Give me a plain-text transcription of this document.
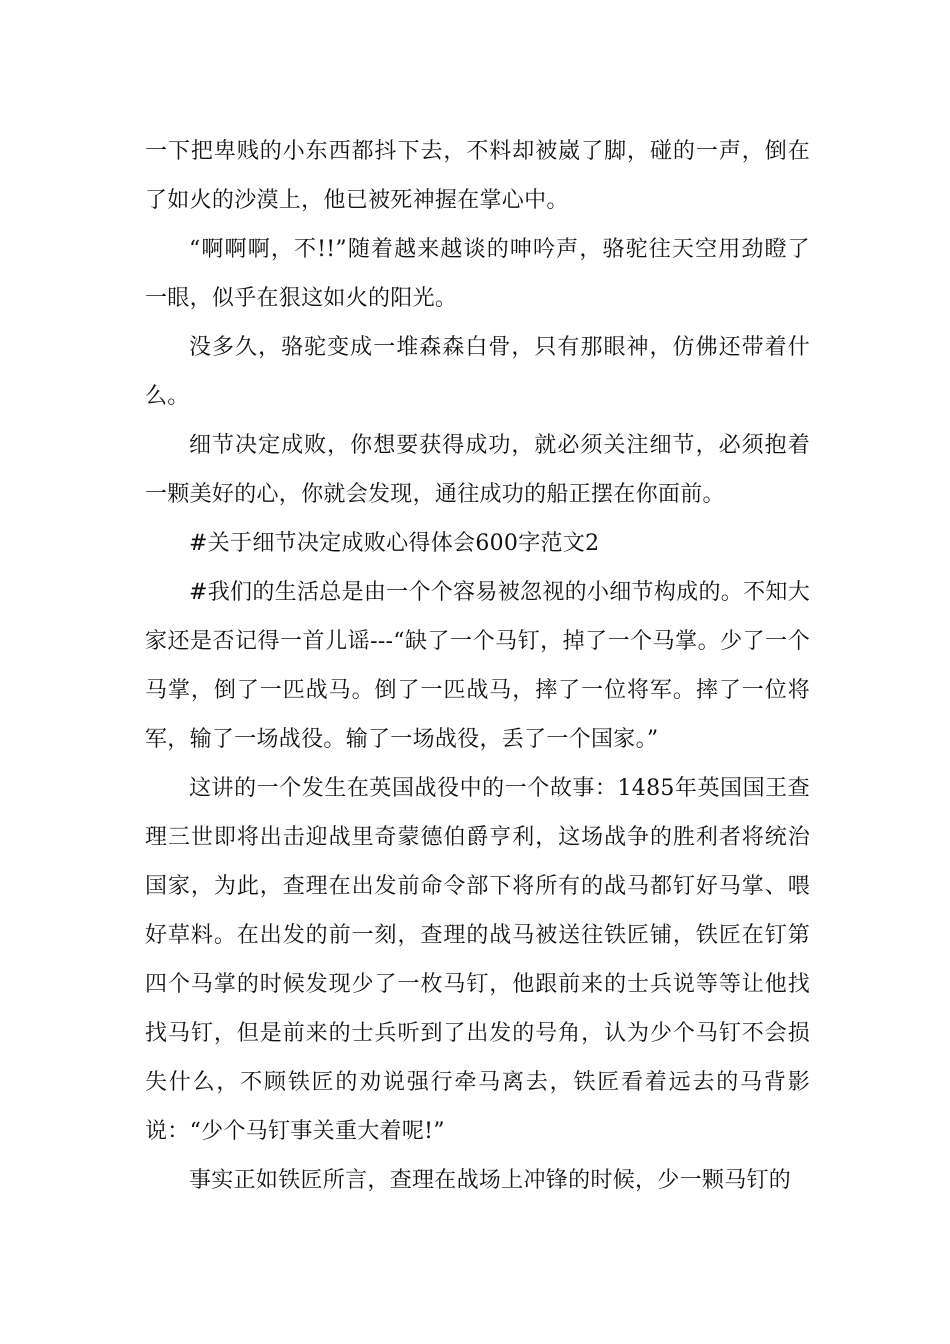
一下把卑贱的小东西都抖下去，不料却被崴了脚，碰的一声，倒在了如火的沙漠上，他已被死神握在掌心中。

“啊啊啊，不!!”随着越来越谈的呻吟声，骆驼往天空用劲瞪了一眼，似乎在狠这如火的阳光。

没多久，骆驼变成一堆森森白骨，只有那眼神，仿佛还带着什么。

细节决定成败，你想要获得成功，就必须关注细节，必须抱着一颗美好的心，你就会发现，通往成功的船正摆在你面前。

#关于细节决定成败心得体会600字范文2

#我们的生活总是由一个个容易被忽视的小细节构成的。不知大家还是否记得一首儿谣---“缺了一个马钉，掉了一个马掌。少了一个马掌，倒了一匹战马。倒了一匹战马，摔了一位将军。摔了一位将军，输了一场战役。输了一场战役，丢了一个国家。”

这讲的一个发生在英国战役中的一个故事：1485年英国国王查理三世即将出击迎战里奇蒙德伯爵亨利，这场战争的胜利者将统治国家，为此，查理在出发前命令部下将所有的战马都钉好马掌、喂好草料。在出发的前一刻，查理的战马被送往铁匠铺，铁匠在钉第四个马掌的时候发现少了一枚马钉，他跟前来的士兵说等等让他找找马钉，但是前来的士兵听到了出发的号角，认为少个马钉不会损失什么，不顾铁匠的劝说强行牵马离去，铁匠看着远去的马背影说：“少个马钉事关重大着呢!”

事实正如铁匠所言，查理在战场上冲锋的时候，少一颗马钉的
